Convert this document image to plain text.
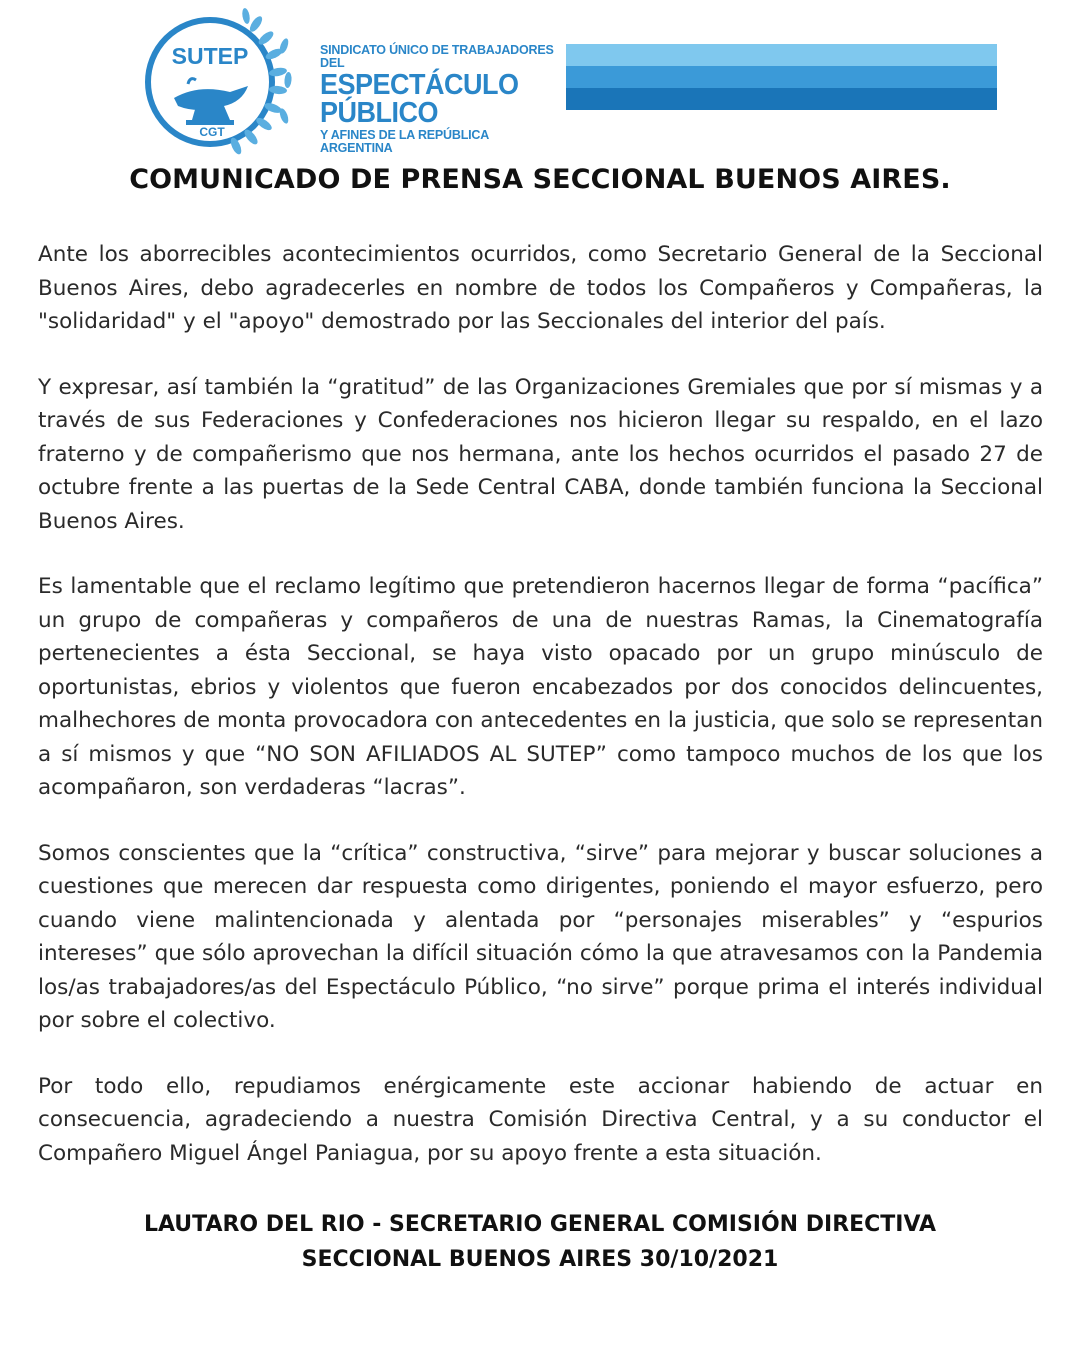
SUTEP
CGT
SINDICATO ÚNICO DE TRABAJADORES DEL
ESPECTÁCULO PÚBLICO
Y AFINES DE LA REPÚBLICA ARGENTINA
COMUNICADO DE PRENSA SECCIONAL BUENOS AIRES.

Ante los aborrecibles acontecimientos ocurridos, como Secretario General de la Seccional Buenos Aires, debo agradecerles en nombre de todos los Compañeros y Compañeras, la "solidaridad" y el "apoyo" demostrado por las Seccionales del interior del país.

Y expresar, así también la “gratitud” de las Organizaciones Gremiales que por sí mismas y a través de sus Federaciones y Confederaciones nos hicieron llegar su respaldo, en el lazo fraterno y de compañerismo que nos hermana, ante los hechos ocurridos el pasado 27 de octubre frente a las puertas de la Sede Central CABA, donde también funciona la Seccional Buenos Aires.

Es lamentable que el reclamo legítimo que pretendieron hacernos llegar de forma “pacífica” un grupo de compañeras y compañeros de una de nuestras Ramas, la Cinematografía pertenecientes a ésta Seccional, se haya visto opacado por un grupo minúsculo de oportunistas, ebrios y violentos que fueron encabezados por dos conocidos delincuentes, malhechores de monta provocadora con antecedentes en la justicia, que solo se representan a sí mismos y que “NO SON AFILIADOS AL SUTEP” como tampoco muchos de los que los acompañaron, son verdaderas “lacras”.

Somos conscientes que la “crítica” constructiva, “sirve” para mejorar y buscar soluciones a cuestiones que merecen dar respuesta como dirigentes, poniendo el mayor esfuerzo, pero cuando viene malintencionada y alentada por “personajes miserables” y “espurios intereses” que sólo aprovechan la difícil situación cómo la que atravesamos con la Pandemia los/as trabajadores/as del Espectáculo Público, “no sirve” porque prima el interés individual por sobre el colectivo.

Por todo ello, repudiamos enérgicamente este accionar habiendo de actuar en consecuencia, agradeciendo a nuestra Comisión Directiva Central, y a su conductor el Compañero Miguel Ángel Paniagua, por su apoyo frente a esta situación.

LAUTARO DEL RIO - SECRETARIO GENERAL COMISIÓN DIRECTIVA
SECCIONAL BUENOS AIRES 30/10/2021
